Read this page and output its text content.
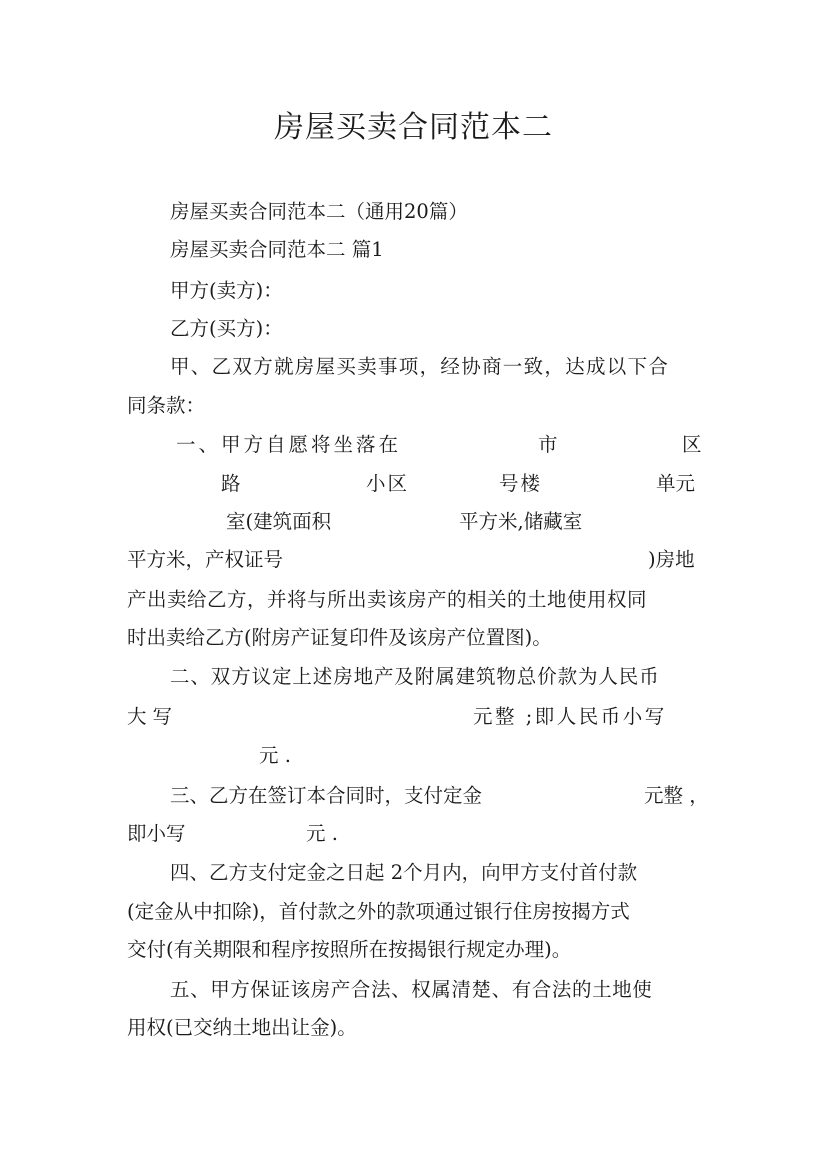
房屋买卖合同范本二
房屋买卖合同范本二（通用20篇）
房屋买卖合同范本二 篇1
甲方(卖方)：
乙方(买方)：
甲、乙双方就房屋买卖事项，经协商一致，达成以下合
同条款：
一、甲方自愿将坐落在	市	区
路	小区	号楼	单元
室(建筑面积	平方米,储藏室
平方米，产权证号	)房地
产出卖给乙方，并将与所出卖该房产的相关的土地使用权同
时出卖给乙方(附房产证复印件及该房产位置图)。
二、双方议定上述房地产及附属建筑物总价款为人民币
大写	元整 ;即人民币小写
元 .
三、乙方在签订本合同时，支付定金	元整 ，
即小写	元 .
四、乙方支付定金之日起 2个月内，向甲方支付首付款
(定金从中扣除)，首付款之外的款项通过银行住房按揭方式
交付(有关期限和程序按照所在按揭银行规定办理)。
五、甲方保证该房产合法、权属清楚、有合法的土地使
用权(已交纳土地出让金)。
